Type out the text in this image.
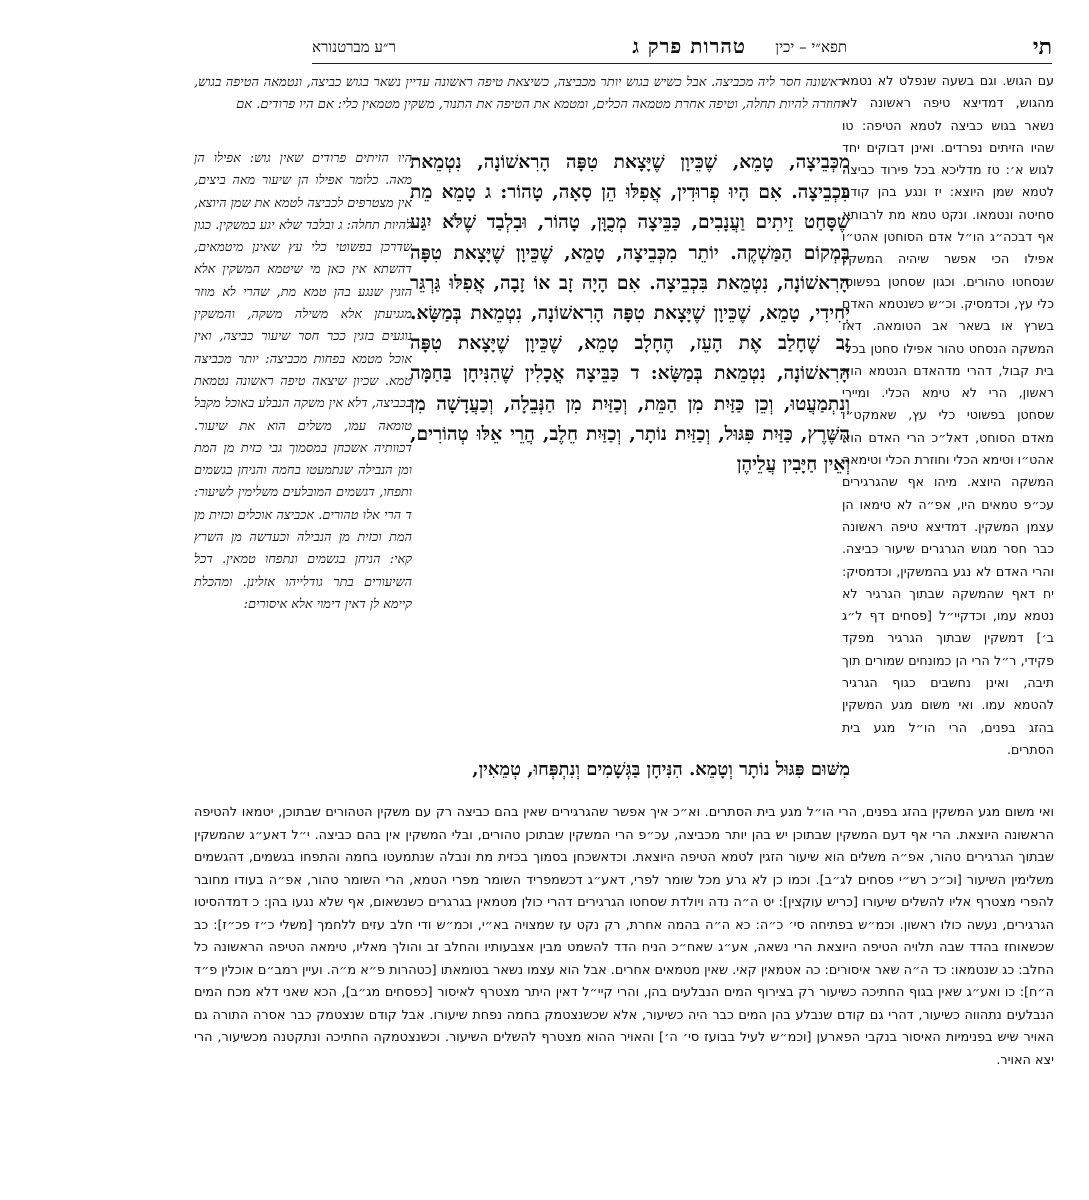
תי
תפא״י – יכין
טהרות פרק ג
ר״ע מברטנורא

עם הגוש. וגם בשעה שנפלט לא נטמא מהגוש, דמדיצא טיפה ראשונה לא נשאר בגוש כביצה לטמא הטיפה: טו שהיו הזיתים נפרדים. ואינן דבוקים יחד לגוש א׳: טז מדליכא בכל פירוד כביצה לטמא שמן היוצא: יז ונגע בהן קודם סחיטה ונטמאו. ונקט טמא מת לרבותא אף דבכה״ג הו״ל אדם הסוחטן אהט״ו אפילו הכי אפשר שיהיה המשקין שנסחטו טהורים. וכגון שסחטן בפשוטי כלי עץ, וכדמסיק. וכ״ש כשנטמא האדם בשרץ או בשאר אב הטומאה. דאז המשקה הנסחט טהור אפילו סחטן בכלי בית קבול, דהרי מדהאדם הנטמא הוא ראשון, הרי לא טימא הכלי. ומיירי שסחטן בפשוטי כלי עץ, שאמקט״ו מאדם הסוחט, דאל״כ הרי האדם הוא אהט״ו וטימא הכלי וחוזרת הכלי וטימאה המשקה היוצא. מיהו אף שהגרגירים עכ״פ טמאים היו, אפ״ה לא טימאו הן עצמן המשקין. דמדיצא טיפה ראשונה כבר חסר מגוש הגרגרים שיעור כביצה. והרי האדם לא נגע בהמשקין, וכדמסיק: יח דאף שהמשקה שבתוך הגרגיר לא נטמא עמו, וכדקיי״ל [פסחים דף ל״ג ב׳] דמשקין שבתוך הגרגיר מפקד פקידי, ר״ל הרי הן כמונחים שמורים תוך תיבה, ואינן נחשבים כגוף הגרגיר להטמא עמו. ואי משום מגע המשקין בהזג בפנים, הרי הו״ל מגע בית הסתרים.

ראשונה חסר ליה מכביצה. אבל כשיש בגוש יותר מכביצה, כשיצאת טיפה ראשונה עדיין נשאר בגוש כביצה, ונטמאה הטיפה בגוש, וחוזרה להיות תחלה, וטיפה אחרת מטמאה הכלים, ומטמא את הטיפה את התנור, משקין מטמאין כלי: אם היו פרודים. אם

מִכְּבֵיצָה, טָמֵא, שֶׁכֵּיוָן שֶׁיָּצָאת טִפָּה הָרִאשׁוֹנָה, נִטְמֵאת בִּכְבֵיצָה. אִם הָיוּ פְרוּדִין, אֲפִלּוּ הֵן סָאָה, טָהוֹר: ג טָמֵא מֵת שֶׁסָּחַט זֵיתִים וַעֲנָבִים, כַּבֵּיצָה מְכֻוָּן, טָהוֹר, וּבִלְבַד שֶׁלֹּא יִגַּע בִּמְקוֹם הַמַּשְׁקֶה. יוֹתֵר מִכְּבֵיצָה, טָמֵא, שֶׁכֵּיוָן שֶׁיָּצָאת טִפָּה הָרִאשׁוֹנָה, נִטְמֵאת בִּכְבֵיצָה. אִם הָיָה זָב אוֹ זָבָה, אֲפִלּוּ גַּרְגֵּר יְחִידִי, טָמֵא, שֶׁכֵּיוָן שֶׁיָּצָאת טִפָּה הָרִאשׁוֹנָה, נִטְמֵאת בְּמַשָּׂא. זָב שֶׁחָלַב אֶת הָעֵז, הֶחָלָב טָמֵא, שֶׁכֵּיוָן שֶׁיָּצָאת טִפָּה הָרִאשׁוֹנָה, נִטְמֵאת בְּמַשָּׂא: ד כַּבֵּיצָה אֳכָלִין שֶׁהִנִּיחָן בַּחַמָּה וְנִתְמַעֲטוּ, וְכֵן כַּזַּיִת מִן הַמֵּת, וְכַזַּיִת מִן הַנְּבֵלָה, וְכַעֲדָשָׁה מִן הַשֶּׁרֶץ, כַּזַּיִת פִּגּוּל, וְכַזַּיִת נוֹתָר, וְכַזַּיִת חֵלֶב, הֲרֵי אֵלּוּ טְהוֹרִים, וְאֵין חַיָּבִין עֲלֵיהֶן

היו הזיתים פרודים שאין גוש: אפילו הן מאה. כלומר אפילו הן שיעור מאה ביצים, אין מצטרפים לכביצה לטמא את שמן היוצא, להיות תחלה: ג ובלבד שלא יגע במשקין. כגון שדרכן בפשוטי כלי עץ שאינן מיטמאים, דהשתא אין כאן מי שיטמא המשקין אלא הזגין שנגע בהן טמא מת, שהרי לא מוזר מגגיעתן אלא משילה משקה, והמשקין נוגעים בזגין ככר חסר שיעור כביצה, ואין אוכל מטמא בפחות מכביצה: יותר מכביצה טמא. שכיון שיצאה טיפה ראשונה נטמאת בכביצה, דלא אין משקה הנבלע באוכל מקבל טומאה עמו, משלים הוא את שיעור. דכוותיה אשכחן במסמוך גבי כזית מן המת ומן הנבילה שנתמעטו בחמה והניחן בגשמים ותפחו, דגשמים המובלעים משלימין לשיעור: ד הרי אלו טהורים. אכביצה אוכלים וכזית מן המת וכזית מן הנבילה וכעדשה מן השרץ קאי: הניחן בגשמים ונתפחו טמאין. דכל השיעורים בתר גודלייהו אזלינן. ומהכלת קיימא לן דאין דימוי אלא איסורים:

מִשּׁוּם פִּגּוּל נוֹתָר וְטָמֵא. הִנִּיחָן בַּגְּשָׁמִים וְנִתְפְּחוּ, טְמֵאִין,

ואי משום מגע המשקין בהזג בפנים, הרי הו״ל מגע בית הסתרים. וא״כ איך אפשר שהגרגירים שאין בהם כביצה רק עם משקין הטהורים שבתוכן, יטמאו להטיפה הראשונה היוצאת. הרי אף דעם המשקין שבתוכן יש בהן יותר מכביצה, עכ״פ הרי המשקין שבתוכן טהורים, ובלי המשקין אין בהם כביצה. י״ל דאע״ג שהמשקין שבתוך הגרגירים טהור, אפ״ה משלים הוא שיעור הזגין לטמא הטיפה היוצאת. וכדאשכחן בסמוך בכזית מת ונבלה שנתמעטו בחמה והתפחו בגשמים, דהגשמים משלימין השיעור [וכ״כ רש״י פסחים לג״ב]. וכמו כן לא גרע מכל שומר לפרי, דאע״ג דכשמפריד השומר מפרי הטמא, הרי השומר טהור, אפ״ה בעודו מחובר להפרי מצטרף אליו להשלים שיעורו [כריש עוקצין]: יט ה״ה נדה ויולדת שסחטו הגרגירים דהרי כולן מטמאין בגרגרים כשנשאום, אף שלא נגעו בהן: כ דמדהסיטו הגרגירים, נעשה כולו ראשון. וכמ״ש בפתיחה סי׳ כ״ה: כא ה״ה בהמה אחרת, רק נקט עז שמצויה בא״י, וכמ״ש ודי חלב עזים ללחמך [משלי כ״ז פכ״ז]: כב שכשאוחז בהדד שבה תלויה הטיפה היוצאת הרי נשאה, אע״ג שאח״כ הניח הדד להשמט מבין אצבעותיו והחלב זב והולך מאליו, טימאה הטיפה הראשונה כל החלב: כג שנטמאו: כד ה״ה שאר איסורים: כה אטמאין קאי. שאין מטמאים אחרים. אבל הוא עצמו נשאר בטומאתו [כטהרות פ״א מ״ה. ועיין רמב״ם אוכלין פ״ד ה״ח]: כו ואע״ג שאין בגוף החתיכה כשיעור רק בצירוף המים הנבלעים בהן, והרי קיי״ל דאין היתר מצטרף לאיסור [כפסחים מג״ב], הכא שאני דלא מכח המים הנבלעים נתהווה כשיעור, דהרי גם קודם שנבלע בהן המים כבר היה כשיעור, אלא שכשנצטמק בחמה נפחת שיעורו. אבל קודם שנצטמק כבר אסרה התורה גם האויר שיש בפנימיות האיסור בנקבי הפארען [וכמ״ש לעיל בבועז סי׳ ה׳] והאויר ההוא מצטרף להשלים השיעור. וכשנצטמקה החתיכה ונתקטנה מכשיעור, הרי יצא האויר.
